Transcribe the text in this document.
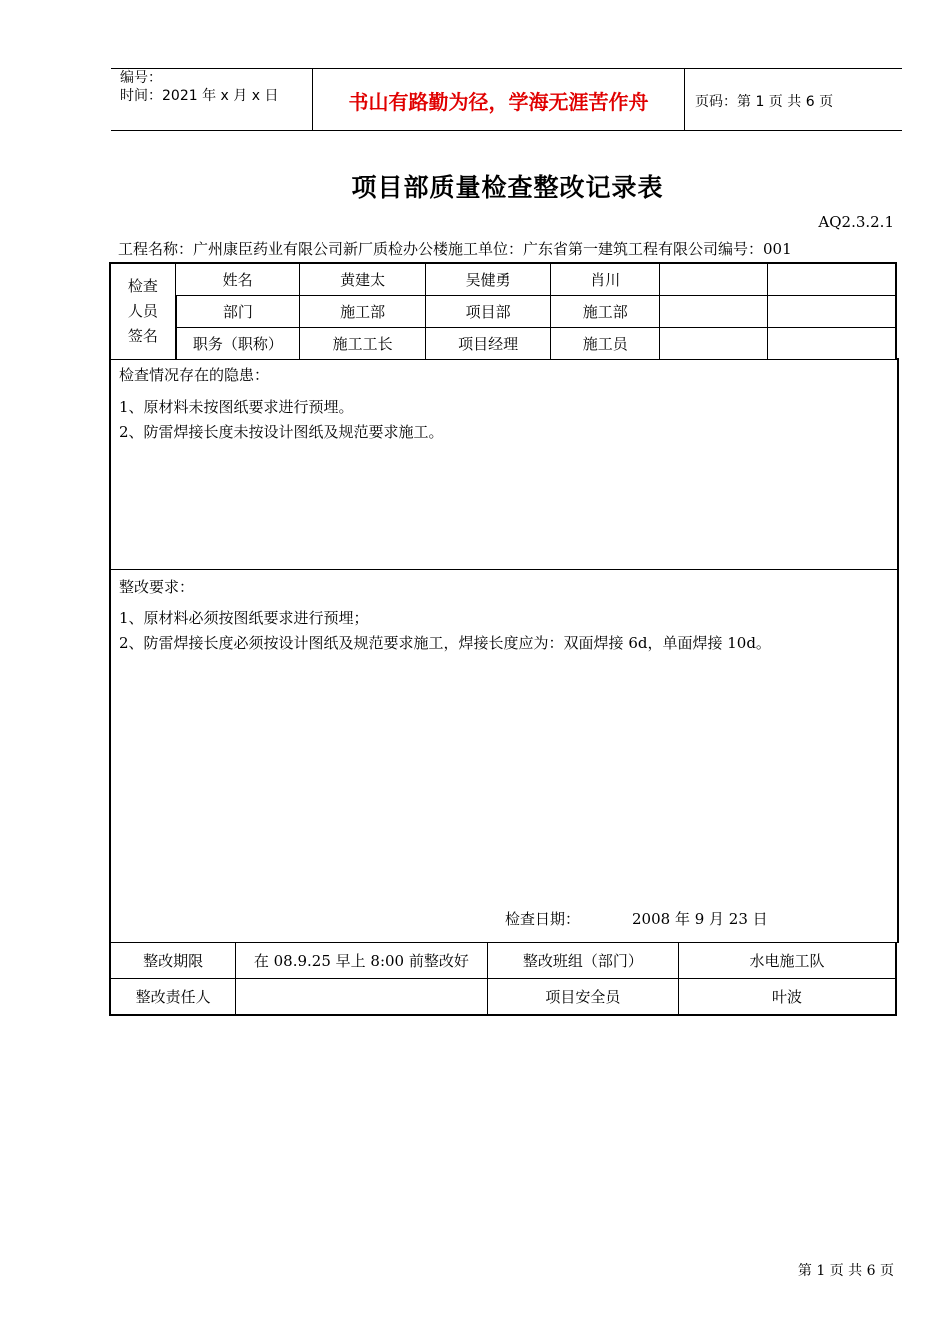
编号：
时间：2021 年 x 月 x 日	书山有路勤为径，学海无涯苦作舟	页码：第 1 页 共 6 页
项目部质量检查整改记录表
AQ2.3.2.1
工程名称：广州康臣药业有限公司新厂质检办公楼施工单位：广东省第一建筑工程有限公司编号：001
检查
人员
签名	姓名	黄建太	吴健勇	肖川		
	部门	施工部	项目部	施工部		
	职务（职称）	施工工长	项目经理	施工员		
检查情况存在的隐患：
1、原材料未按图纸要求进行预埋。
2、防雷焊接长度未按设计图纸及规范要求施工。
整改要求：
1、原材料必须按图纸要求进行预埋；
2、防雷焊接长度必须按设计图纸及规范要求施工，焊接长度应为：双面焊接 6d，单面焊接 10d。
检查日期：	2008 年 9 月 23 日
整改期限	在 08.9.25 早上 8:00 前整改好	整改班组（部门）	水电施工队
整改责任人		项目安全员	叶波
第 1 页 共 6 页
